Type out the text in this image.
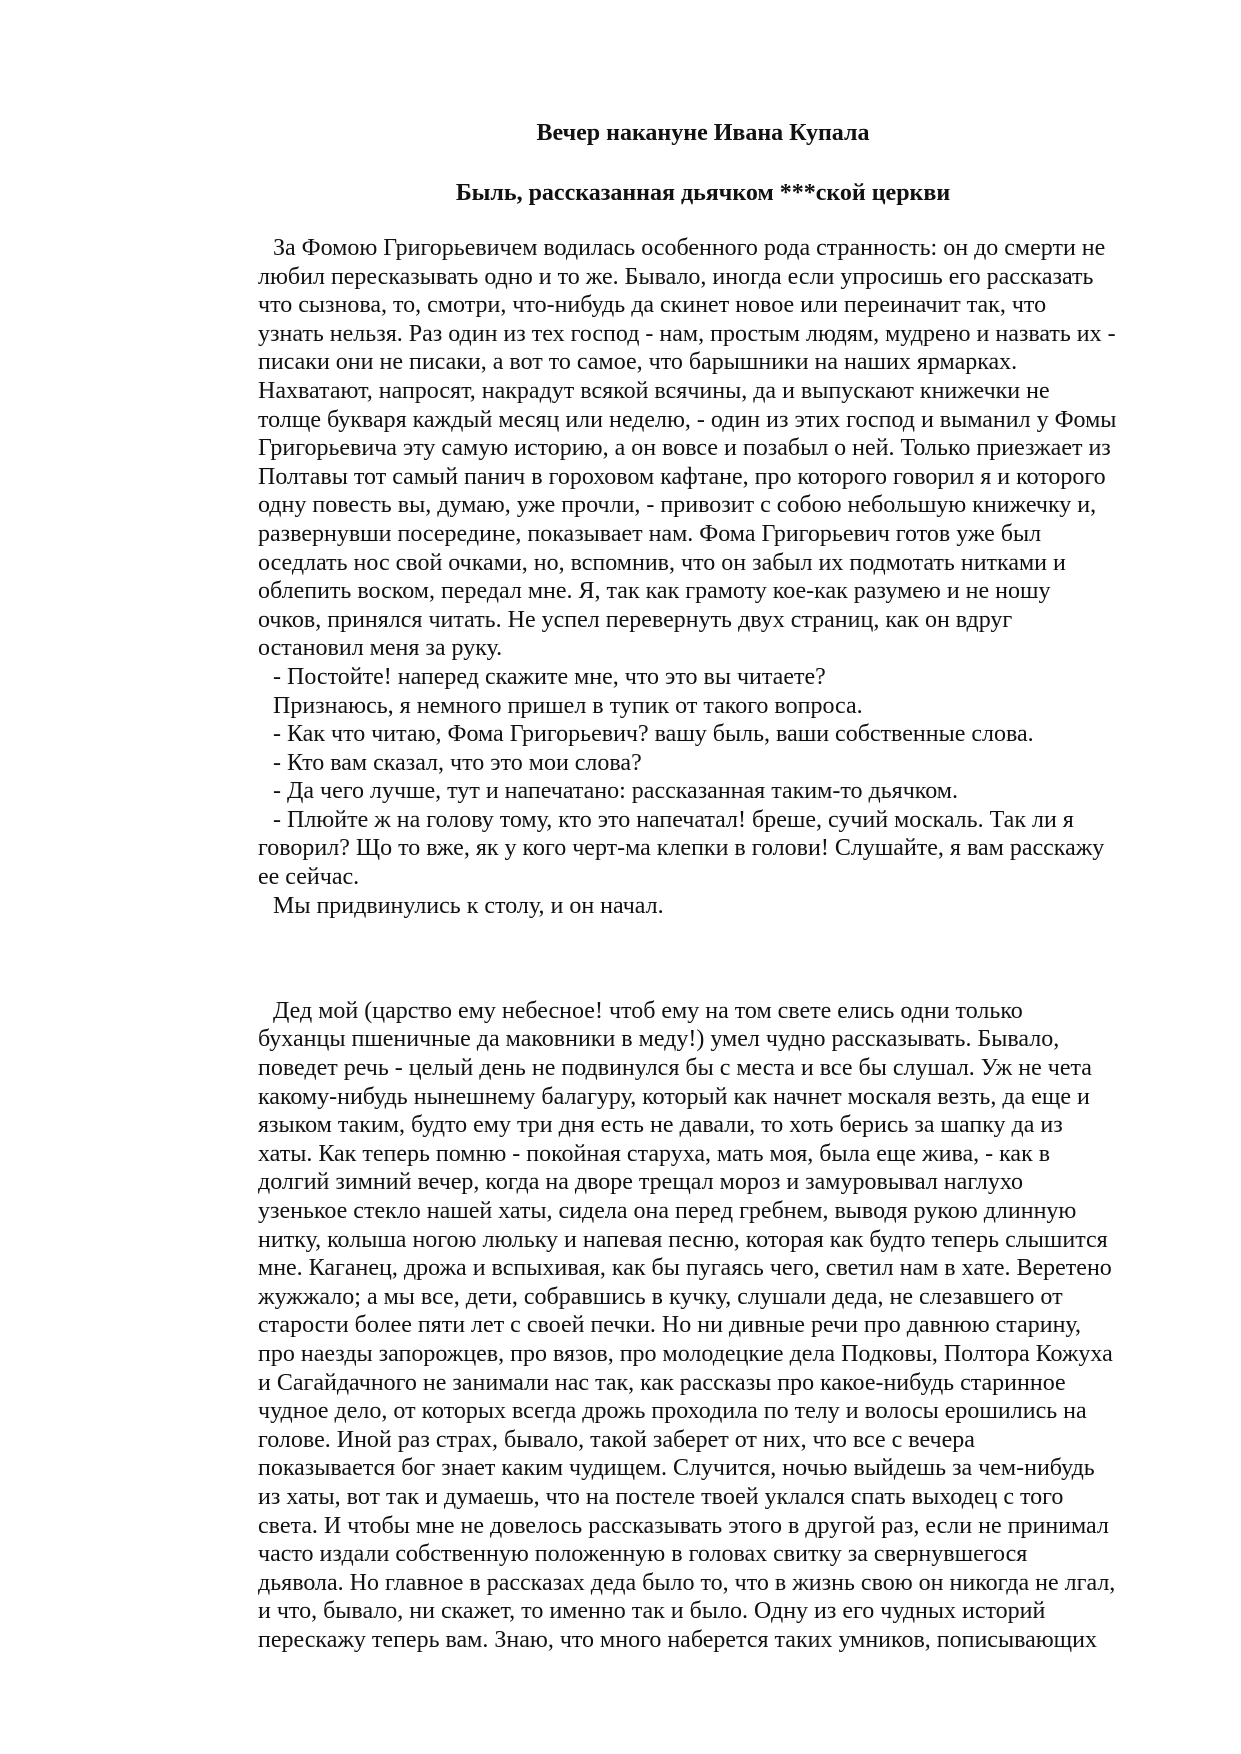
Вечер накануне Ивана Купала
Быль, рассказанная дьячком ***ской церкви

За Фомою Григорьевичем водилась особенного рода странность: он до смерти не

любил пересказывать одно и то же. Бывало, иногда если упросишь его рассказать

что сызнова, то, смотри, что-нибудь да скинет новое или переиначит так, что

узнать нельзя. Раз один из тех господ - нам, простым людям, мудрено и назвать их -

писаки они не писаки, а вот то самое, что барышники на наших ярмарках.

Нахватают, напросят, накрадут всякой всячины, да и выпускают книжечки не

толще букваря каждый месяц или неделю, - один из этих господ и выманил у Фомы

Григорьевича эту самую историю, а он вовсе и позабыл о ней. Только приезжает из

Полтавы тот самый панич в гороховом кафтане, про которого говорил я и которого

одну повесть вы, думаю, уже прочли, - привозит с собою небольшую книжечку и,

развернувши посередине, показывает нам. Фома Григорьевич готов уже был

оседлать нос свой очками, но, вспомнив, что он забыл их подмотать нитками и

облепить воском, передал мне. Я, так как грамоту кое-как разумею и не ношу

очков, принялся читать. Не успел перевернуть двух страниц, как он вдруг

остановил меня за руку.

- Постойте! наперед скажите мне, что это вы читаете?

Признаюсь, я немного пришел в тупик от такого вопроса.

- Как что читаю, Фома Григорьевич? вашу быль, ваши собственные слова.

- Кто вам сказал, что это мои слова?

- Да чего лучше, тут и напечатано: рассказанная таким-то дьячком.

- Плюйте ж на голову тому, кто это напечатал! бреше, сучий москаль. Так ли я

говорил? Що то вже, як у кого черт-ма клепки в голови! Слушайте, я вам расскажу

ее сейчас.

Мы придвинулись к столу, и он начал.

Дед мой (царство ему небесное! чтоб ему на том свете елись одни только

буханцы пшеничные да маковники в меду!) умел чудно рассказывать. Бывало,

поведет речь - целый день не подвинулся бы с места и все бы слушал. Уж не чета

какому-нибудь нынешнему балагуру, который как начнет москаля везть, да еще и

языком таким, будто ему три дня есть не давали, то хоть берись за шапку да из

хаты. Как теперь помню - покойная старуха, мать моя, была еще жива, - как в

долгий зимний вечер, когда на дворе трещал мороз и замуровывал наглухо

узенькое стекло нашей хаты, сидела она перед гребнем, выводя рукою длинную

нитку, колыша ногою люльку и напевая песню, которая как будто теперь слышится

мне. Каганец, дрожа и вспыхивая, как бы пугаясь чего, светил нам в хате. Веретено

жужжало; а мы все, дети, собравшись в кучку, слушали деда, не слезавшего от

старости более пяти лет с своей печки. Но ни дивные речи про давнюю старину,

про наезды запорожцев, про вязов, про молодецкие дела Подковы, Полтора Кожуха

и Сагайдачного не занимали нас так, как рассказы про какое-нибудь старинное

чудное дело, от которых всегда дрожь проходила по телу и волосы ерошились на

голове. Иной раз страх, бывало, такой заберет от них, что все с вечера

показывается бог знает каким чудищем. Случится, ночью выйдешь за чем-нибудь

из хаты, вот так и думаешь, что на постеле твоей уклался спать выходец с того

света. И чтобы мне не довелось рассказывать этого в другой раз, если не принимал

часто издали собственную положенную в головах свитку за свернувшегося

дьявола. Но главное в рассказах деда было то, что в жизнь свою он никогда не лгал,

и что, бывало, ни скажет, то именно так и было. Одну из его чудных историй

перескажу теперь вам. Знаю, что много наберется таких умников, пописывающих
